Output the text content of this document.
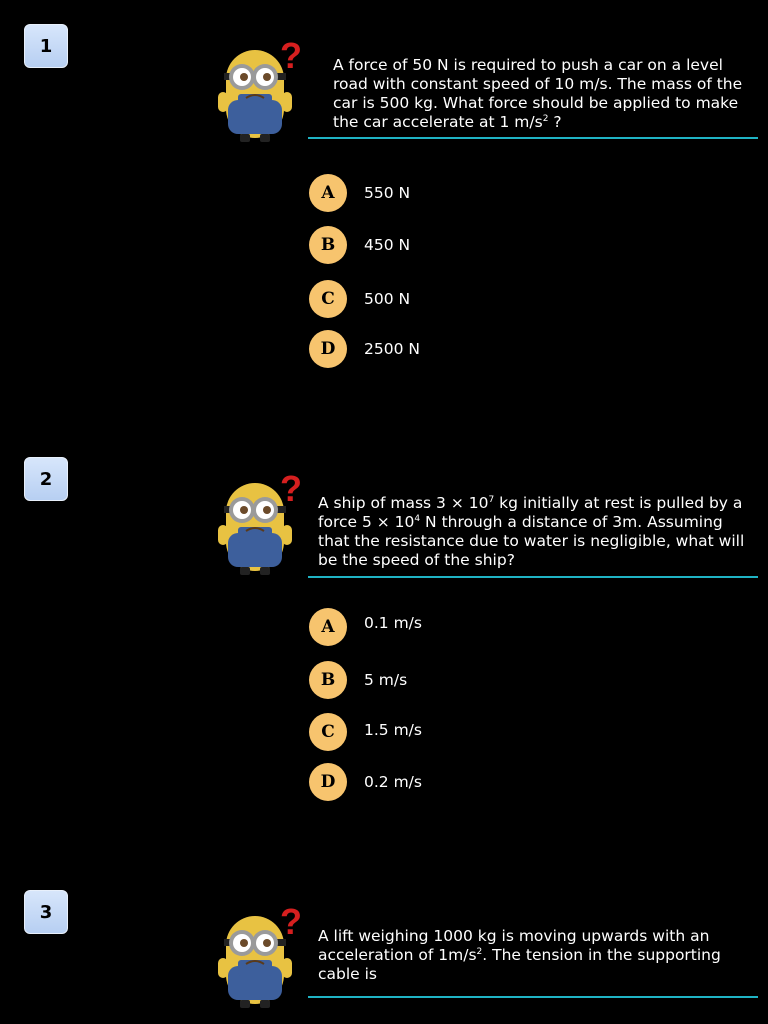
1	? A force of 50 N is required to push a car on a level road with constant speed of 10 m/s. The mass of the car is 500 kg. What force should be applied to make the car accelerate at 1 $m/s^2$ ?
A	550 N
B	450 N
C	500 N
D	2500 N
2	? A ship of mass $3 \times 10^7$ kg initially at rest is pulled by a force $5 \times 10^4$ N through a distance of 3m. Assuming that the resistance due to water is negligible, what will be the speed of the ship?
A	0.1 m/s
B	5 m/s
C	1.5 m/s
D	0.2 m/s
3	? A lift weighing 1000 kg is moving upwards with an acceleration of $1m/s^2$. The tension in the supporting cable is
